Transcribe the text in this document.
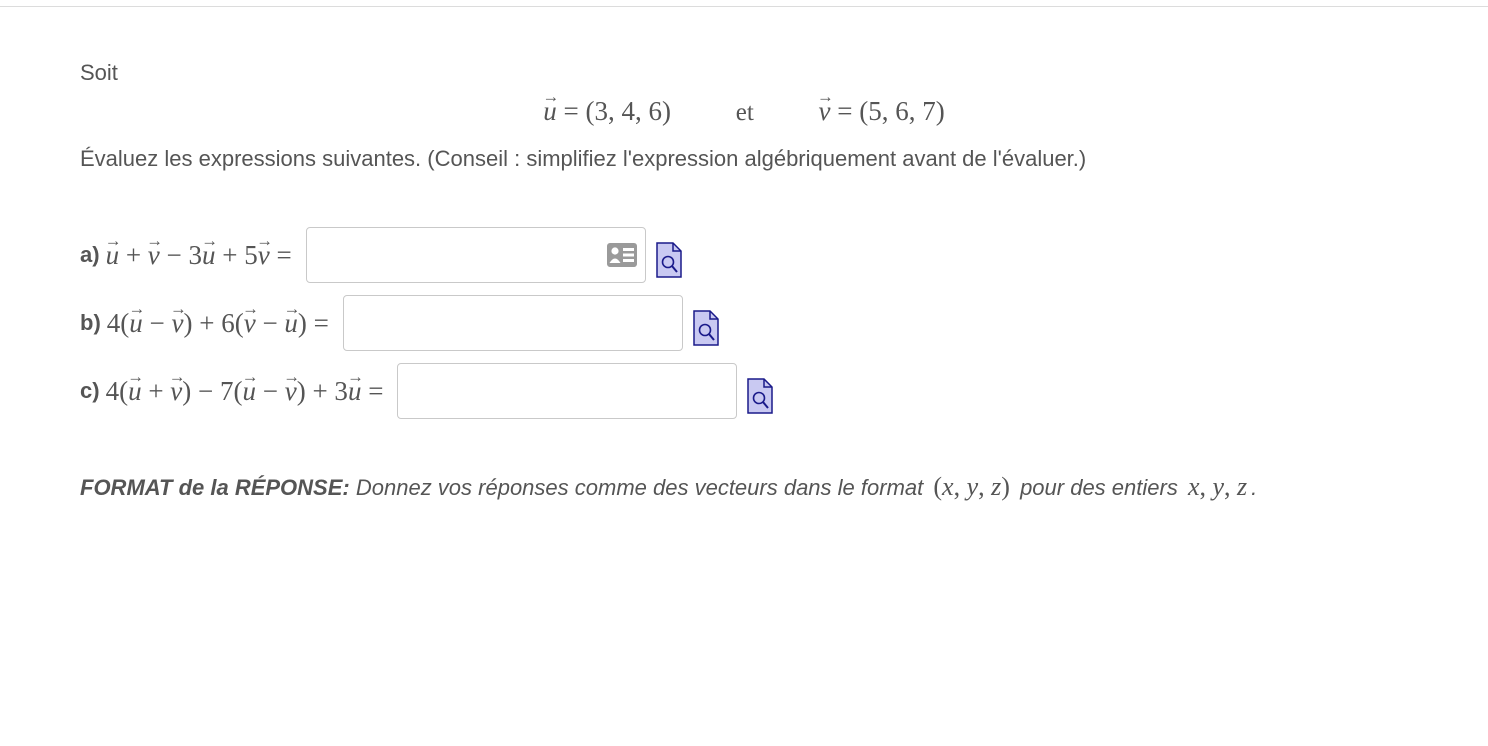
Soit
→ u = (3, 4, 6)	et → v = (5, 6, 7)
Évaluez les expressions suivantes. (Conseil : simplifiez l'expression algébriquement avant de l'évaluer.)
a) → u + → v − 3→ u + 5→ v =
b) 4(→ u − → v) + 6(→ v − → u) =
c) 4(→ u + → v) − 7(→ u − → v) + 3→ u =
FORMAT de la RÉPONSE: Donnez vos réponses comme des vecteurs dans le format (x, y, z) pour des entiers x, y, z .
